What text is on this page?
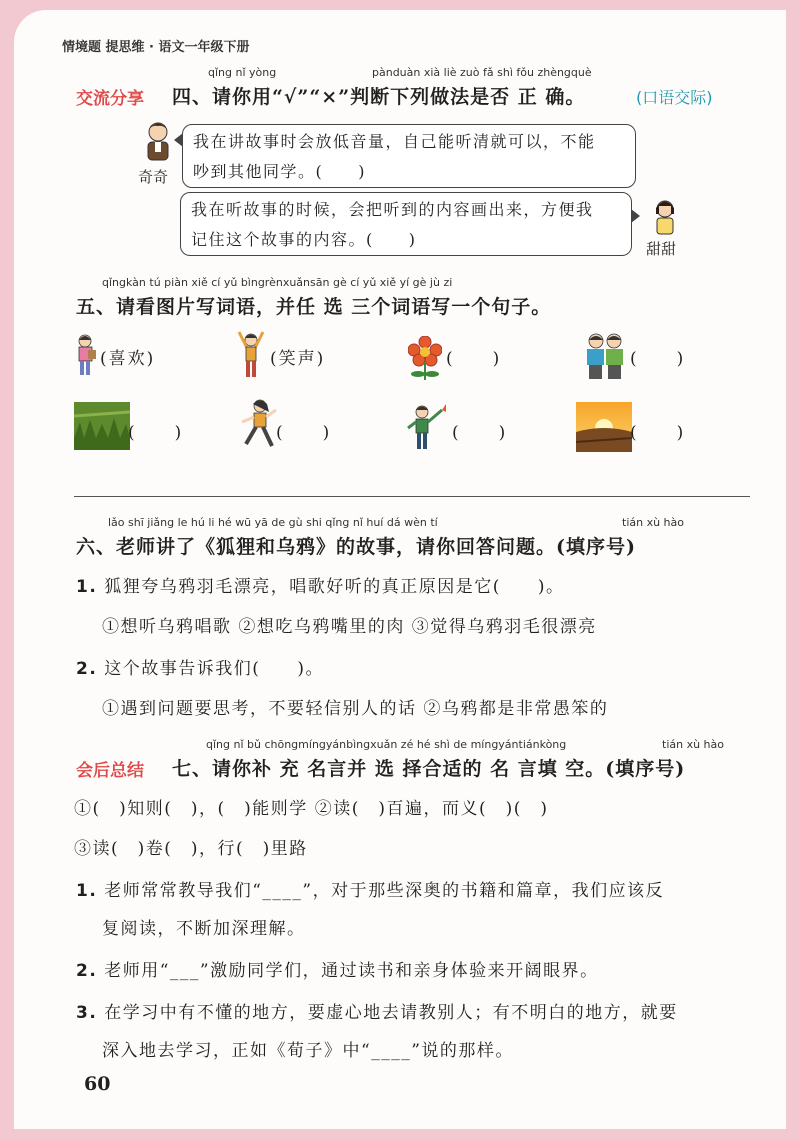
情境题 提思维 · 语文一年级下册
qǐng nǐ yòng	pànduàn xià liè zuò fǎ shì fǒu zhèngquè
交流分享 四、请你用“√”“×”判断下列做法是否 正 确。	(口语交际)
奇奇
我在讲故事时会放低音量，自己能听清就可以，不能
吵到其他同学。(　　)
我在听故事的时候，会把听到的内容画出来，方便我
记住这个故事的内容。(　　)	甜甜
qǐngkàn tú piàn xiě cí yǔ bìngrènxuǎnsān gè cí yǔ xiě yí gè jù zi
五、请看图片写词语，并任 选 三个词语写一个句子。
(喜欢)	(笑声)	(　　)	(　　)
(　　)	(　　)	(　　)	(　　)
lǎo shī jiǎng le hú li hé wū yā de gù shi qǐng nǐ huí dá wèn tí	tián xù hào
六、老师讲了《狐狸和乌鸦》的故事，请你回答问题。(填序号)
1. 狐狸夸乌鸦羽毛漂亮，唱歌好听的真正原因是它(　　)。
①想听乌鸦唱歌 ②想吃乌鸦嘴里的肉 ③觉得乌鸦羽毛很漂亮
2. 这个故事告诉我们(　　)。
①遇到问题要思考，不要轻信别人的话 ②乌鸦都是非常愚笨的
qǐng nǐ bǔ chōngmíngyánbìngxuǎn zé hé shì de míngyántiánkòng	tián xù hào
会后总结 七、请你补 充 名言并 选 择合适的 名 言填 空。(填序号)
①(　)知则(　)，(　)能则学 ②读(　)百遍，而义(　)(　)
③读(　)卷(　)，行(　)里路
1. 老师常常教导我们“____”，对于那些深奥的书籍和篇章，我们应该反
复阅读，不断加深理解。
2. 老师用“___”激励同学们，通过读书和亲身体验来开阔眼界。
3. 在学习中有不懂的地方，要虚心地去请教别人；有不明白的地方，就要
深入地去学习，正如《荀子》中“____”说的那样。
60
